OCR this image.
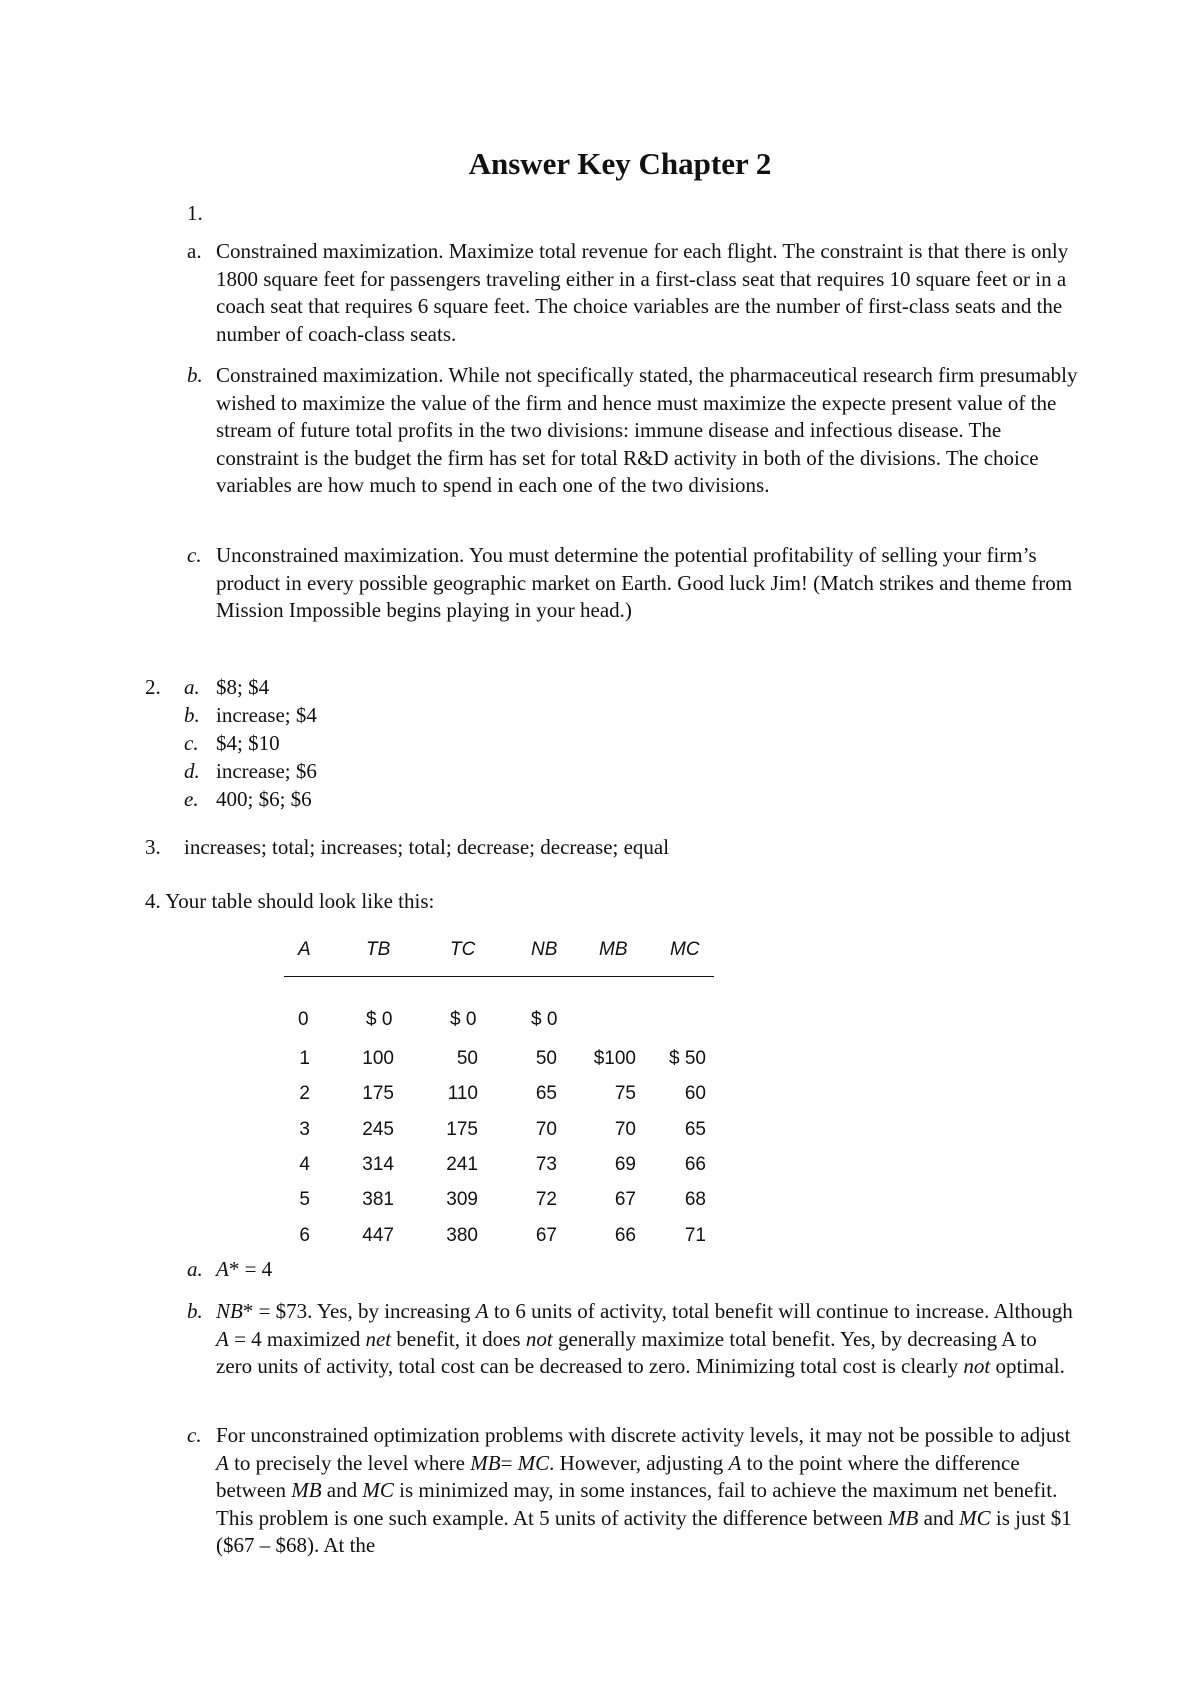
Answer Key Chapter 2
1.
a. Constrained maximization. Maximize total revenue for each flight. The constraint is that there is only 1800 square feet for passengers traveling either in a first-class seat that requires 10 square feet or in a coach seat that requires 6 square feet. The choice variables are the number of first-class seats and the number of coach-class seats.
b. Constrained maximization. While not specifically stated, the pharmaceutical research firm presumably wished to maximize the value of the firm and hence must maximize the expecte present value of the stream of future total profits in the two divisions: immune disease and infectious disease. The constraint is the budget the firm has set for total R&D activity in both of the divisions. The choice variables are how much to spend in each one of the two divisions.
c. Unconstrained maximization. You must determine the potential profitability of selling your firm’s product in every possible geographic market on Earth. Good luck Jim! (Match strikes and theme from Mission Impossible begins playing in your head.)
2. a. $8; $4
b. increase; $4
c. $4; $10
d. increase; $6
e. 400; $6; $6
3. increases; total; increases; total; decrease; decrease; equal
4. Your table should look like this:
A	TB	TC	NB MB MC
0	$ 0	$ 0	$ 0
1	100	50	50	$100	$ 50
2	175	110	65	75	60
3	245	175	70	70	65
4	314	241	73	69	66
5	381	309	72	67	68
6	447	380	67	66	71
a. A* = 4
b. NB* = $73. Yes, by increasing A to 6 units of activity, total benefit will continue to increase. Although A = 4 maximized net benefit, it does not generally maximize total benefit. Yes, by decreasing A to zero units of activity, total cost can be decreased to zero. Minimizing total cost is clearly not optimal.
c. For unconstrained optimization problems with discrete activity levels, it may not be possible to adjust A to precisely the level where MB= MC. However, adjusting A to the point where the difference between MB and MC is minimized may, in some instances, fail to achieve the maximum net benefit. This problem is one such example. At 5 units of activity the difference between MB and MC is just $1 ($67 – $68). At the
